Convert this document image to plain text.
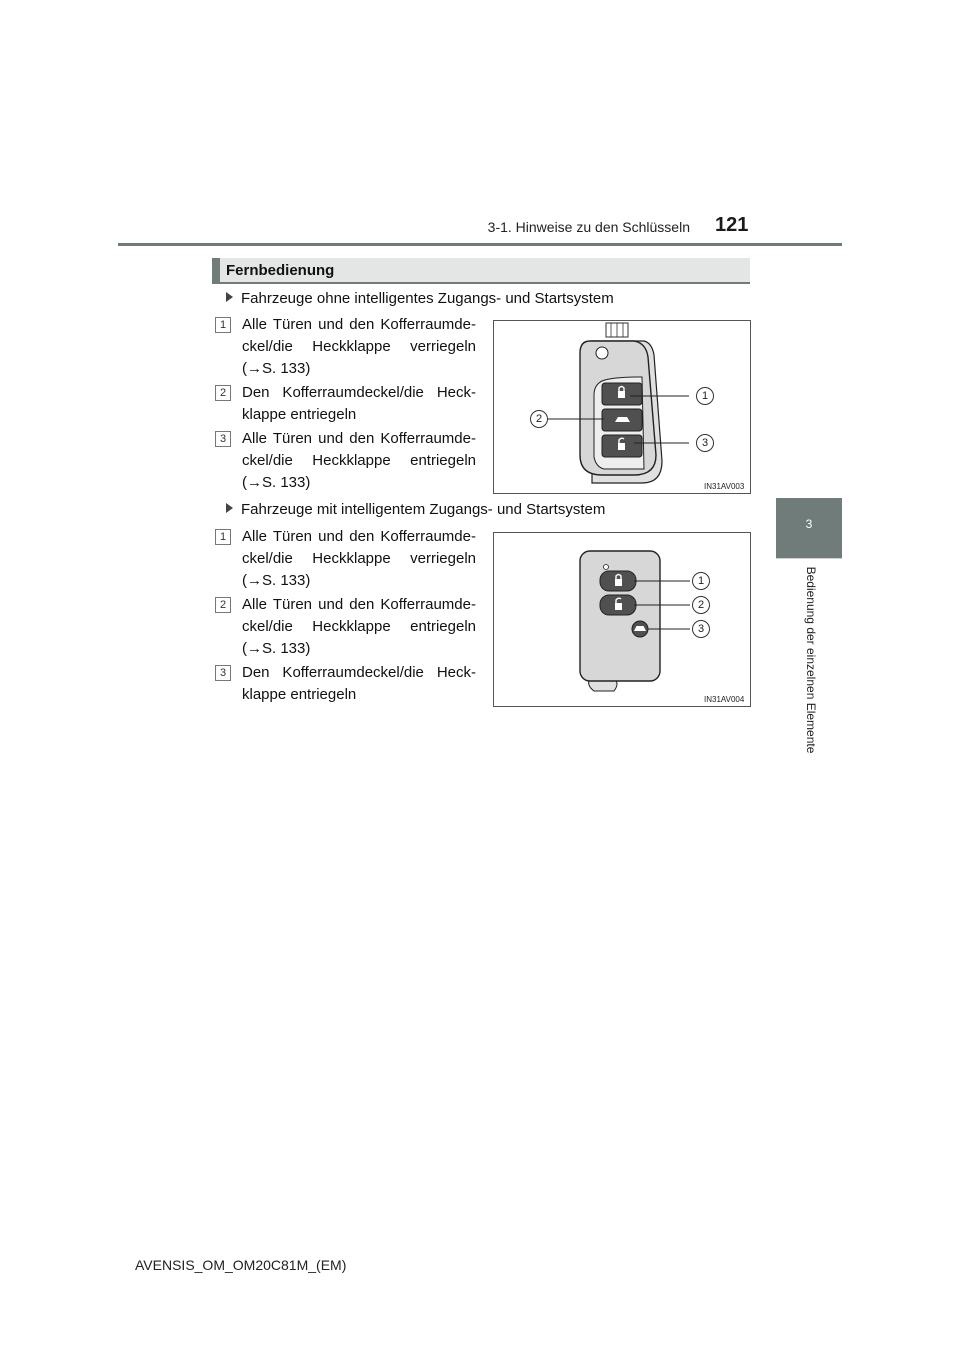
3-1. Hinweise zu den Schlüsseln 121
3
Bedienung der einzelnen Elemente
Fernbedienung
Fahrzeuge ohne intelligentes Zugangs- und Startsystem
1	Alle Türen und den Kofferraumde-ckel/die Heckklappe verriegeln (→S. 133)
2	Den Kofferraumdeckel/die Heck-klappe entriegeln
3	Alle Türen und den Kofferraumde-ckel/die Heckklappe entriegeln (→S. 133)
1
2
3
IN31AV003
Fahrzeuge mit intelligentem Zugangs- und Startsystem
1	Alle Türen und den Kofferraumde-ckel/die Heckklappe verriegeln (→S. 133)
2	Alle Türen und den Kofferraumde-ckel/die Heckklappe entriegeln (→S. 133)
3	Den Kofferraumdeckel/die Heck-klappe entriegeln
1
2
3
IN31AV004
AVENSIS_OM_OM20C81M_(EM)
